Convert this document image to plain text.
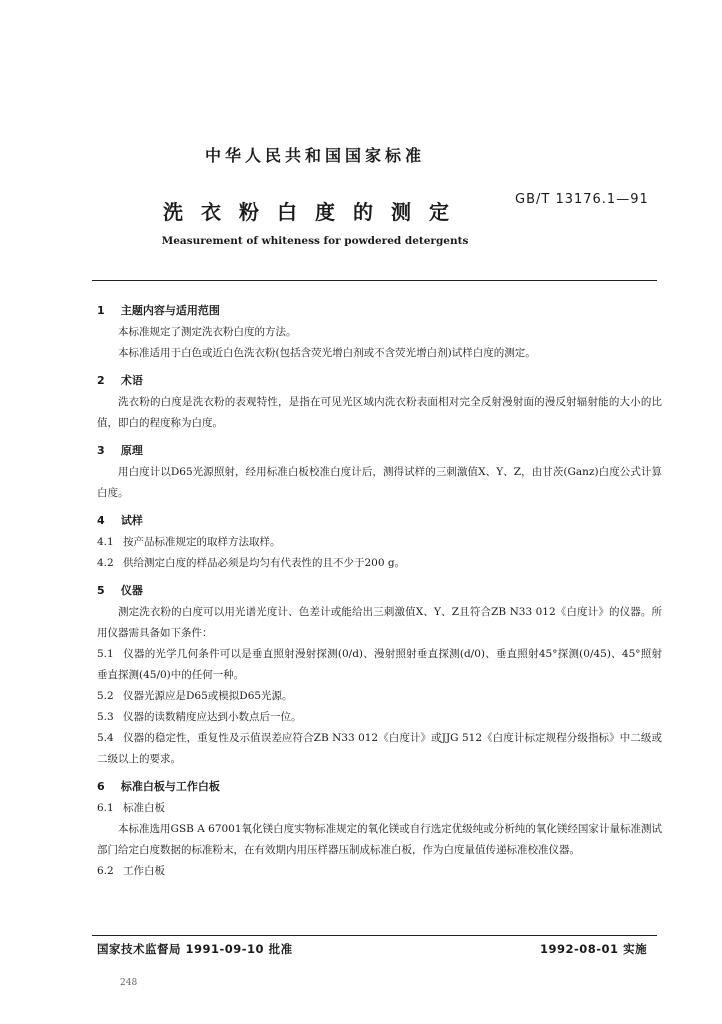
中华人民共和国国家标准
洗衣粉白度的测定
GB/T 13176.1—91
Measurement of whiteness for powdered detergents
1 主题内容与适用范围

本标准规定了测定洗衣粉白度的方法。

本标准适用于白色或近白色洗衣粉(包括含荧光增白剂或不含荧光增白剂)试样白度的测定。

2 术语

洗衣粉的白度是洗衣粉的表观特性，是指在可见光区域内洗衣粉表面相对完全反射漫射面的漫反射辐射能的大小的比值，即白的程度称为白度。

3 原理

用白度计以D65光源照射，经用标准白板校准白度计后，测得试样的三刺激值X、Y、Z，由甘茨(Ganz)白度公式计算白度。

4 试样

4.1 按产品标准规定的取样方法取样。

4.2 供给测定白度的样品必须是均匀有代表性的且不少于200 g。

5 仪器

测定洗衣粉的白度可以用光谱光度计、色差计或能给出三刺激值X、Y、Z且符合ZB N33 012《白度计》的仪器。所用仪器需具备如下条件：

5.1 仪器的光学几何条件可以是垂直照射漫射探测(0/d)、漫射照射垂直探测(d/0)、垂直照射45°探测(0/45)、45°照射垂直探测(45/0)中的任何一种。

5.2 仪器光源应是D65或模拟D65光源。

5.3 仪器的读数精度应达到小数点后一位。

5.4 仪器的稳定性，重复性及示值误差应符合ZB N33 012《白度计》或JJG 512《白度计标定规程分级指标》中二级或二级以上的要求。

6 标准白板与工作白板

6.1 标准白板

本标准选用GSB A 67001氧化镁白度实物标准规定的氧化镁或自行选定优级纯或分析纯的氧化镁经国家计量标准测试部门给定白度数据的标准粉末，在有效期内用压样器压制成标准白板，作为白度量值传递标准校准仪器。

6.2 工作白板

国家技术监督局 1991-09-10 批准	1992-08-01 实施
248
